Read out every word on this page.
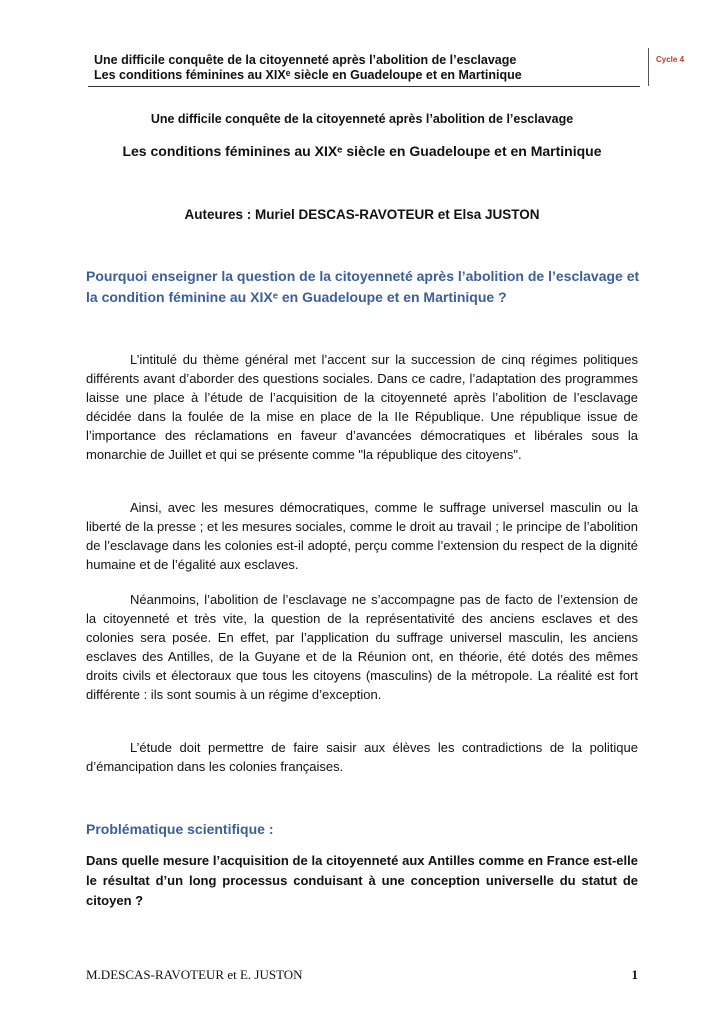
Une difficile conquête de la citoyenneté après l’abolition de l’esclavage
Les conditions féminines au XIXᵉ siècle en Guadeloupe et en Martinique
Cycle 4
Une difficile conquête de la citoyenneté après l’abolition de l’esclavage
Les conditions féminines au XIXᵉ siècle en Guadeloupe et en Martinique
Auteures : Muriel DESCAS-RAVOTEUR et Elsa JUSTON
Pourquoi enseigner la question de la citoyenneté après l’abolition de l’esclavage et la condition féminine au XIXᵉ en Guadeloupe et en Martinique ?

L’intitulé du thème général met l’accent sur la succession de cinq régimes politiques différents avant d’aborder des questions sociales. Dans ce cadre, l’adaptation des programmes laisse une place à l’étude de l’acquisition de la citoyenneté après l’abolition de l’esclavage décidée dans la foulée de la mise en place de la IIe République. Une république issue de l’importance des réclamations en faveur d’avancées démocratiques et libérales sous la monarchie de Juillet et qui se présente comme "la république des citoyens".

Ainsi, avec les mesures démocratiques, comme le suffrage universel masculin ou la liberté de la presse ; et les mesures sociales, comme le droit au travail ; le principe de l’abolition de l’esclavage dans les colonies est-il adopté, perçu comme l’extension du respect de la dignité humaine et de l’égalité aux esclaves.

Néanmoins, l’abolition de l’esclavage ne s’accompagne pas de facto de l’extension de la citoyenneté et très vite, la question de la représentativité des anciens esclaves et des colonies sera posée. En effet, par l’application du suffrage universel masculin, les anciens esclaves des Antilles, de la Guyane et de la Réunion ont, en théorie, été dotés des mêmes droits civils et électoraux que tous les citoyens (masculins) de la métropole. La réalité est fort différente : ils sont soumis à un régime d’exception.

L’étude doit permettre de faire saisir aux élèves les contradictions de la politique d’émancipation dans les colonies françaises.

Problématique scientifique :

Dans quelle mesure l’acquisition de la citoyenneté aux Antilles comme en France est-elle le résultat d’un long processus conduisant à une conception universelle du statut de citoyen ?

M.DESCAS-RAVOTEUR et E. JUSTON	1
